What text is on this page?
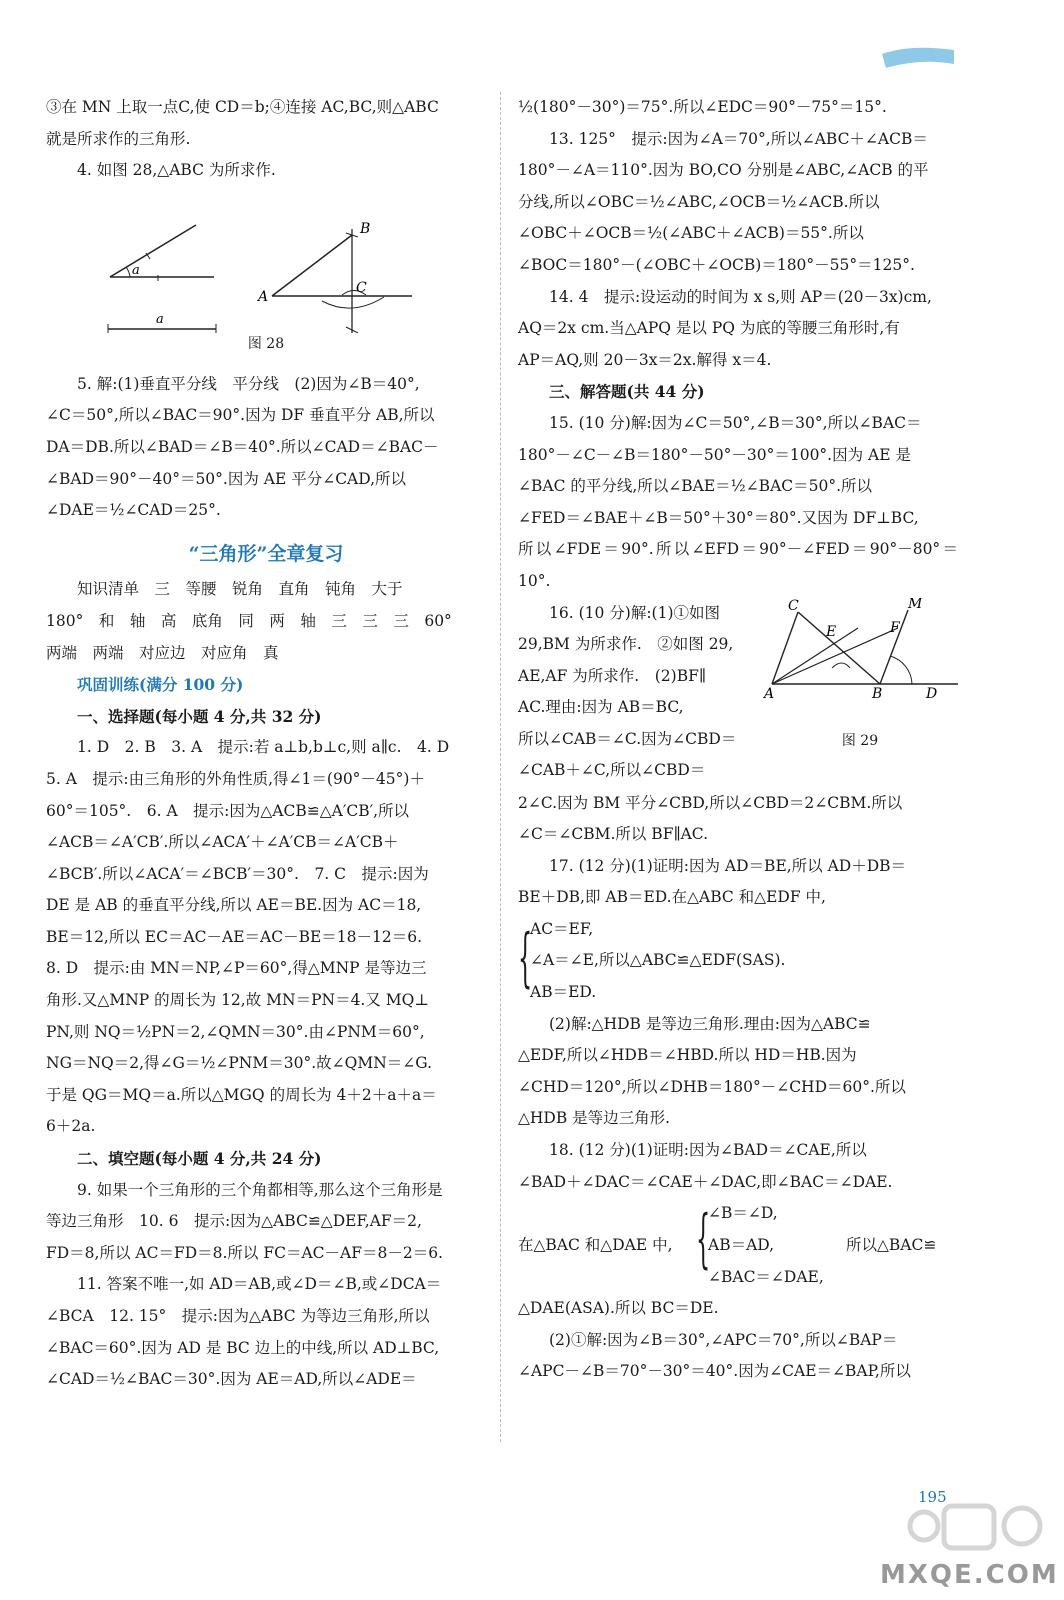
③在 MN 上取一点C,使 CD＝b;④连接 AC,BC,则△ABC

就是所求作的三角形.

4. 如图 28,△ABC 为所求作.

a
a
A
B
C
图 28

5. 解:(1)垂直平分线　平分线　(2)因为∠B＝40°,

∠C＝50°,所以∠BAC＝90°.因为 DF 垂直平分 AB,所以

DA＝DB.所以∠BAD＝∠B＝40°.所以∠CAD＝∠BAC－

∠BAD＝90°－40°＝50°.因为 AE 平分∠CAD,所以

∠DAE＝½∠CAD＝25°.

“三角形”全章复习

知识清单　三　等腰　锐角　直角　钝角　大于

180°　和　轴　高　底角　同　两　轴　三　三　三　60°

两端　两端　对应边　对应角　真

巩固训练(满分 100 分)

一、选择题(每小题 4 分,共 32 分)

1. D　2. B　3. A　提示:若 a⊥b,b⊥c,则 a∥c.　4. D

5. A　提示:由三角形的外角性质,得∠1＝(90°－45°)＋

60°＝105°.　6. A　提示:因为△ACB≌△A′CB′,所以

∠ACB＝∠A′CB′.所以∠ACA′＋∠A′CB＝∠A′CB＋

∠BCB′.所以∠ACA′＝∠BCB′＝30°.　7. C　提示:因为

DE 是 AB 的垂直平分线,所以 AE＝BE.因为 AC＝18,

BE＝12,所以 EC＝AC－AE＝AC－BE＝18－12＝6.

8. D　提示:由 MN＝NP,∠P＝60°,得△MNP 是等边三

角形.又△MNP 的周长为 12,故 MN＝PN＝4.又 MQ⊥

PN,则 NQ＝½PN＝2,∠QMN＝30°.由∠PNM＝60°,

NG＝NQ＝2,得∠G＝½∠PNM＝30°.故∠QMN＝∠G.

于是 QG＝MQ＝a.所以△MGQ 的周长为 4＋2＋a＋a＝

6＋2a.

二、填空题(每小题 4 分,共 24 分)

9. 如果一个三角形的三个角都相等,那么这个三角形是

等边三角形　10. 6　提示:因为△ABC≌△DEF,AF＝2,

FD＝8,所以 AC＝FD＝8.所以 FC＝AC－AF＝8－2＝6.

11. 答案不唯一,如 AD＝AB,或∠D＝∠B,或∠DCA＝

∠BCA　12. 15°　提示:因为△ABC 为等边三角形,所以

∠BAC＝60°.因为 AD 是 BC 边上的中线,所以 AD⊥BC,

∠CAD＝½∠BAC＝30°.因为 AE＝AD,所以∠ADE＝

½(180°－30°)＝75°.所以∠EDC＝90°－75°＝15°.

13. 125°　提示:因为∠A＝70°,所以∠ABC＋∠ACB＝

180°－∠A＝110°.因为 BO,CO 分别是∠ABC,∠ACB 的平

分线,所以∠OBC＝½∠ABC,∠OCB＝½∠ACB.所以

∠OBC＋∠OCB＝½(∠ABC＋∠ACB)＝55°.所以

∠BOC＝180°－(∠OBC＋∠OCB)＝180°－55°＝125°.

14. 4　提示:设运动的时间为 x s,则 AP＝(20－3x)cm,

AQ＝2x cm.当△APQ 是以 PQ 为底的等腰三角形时,有

AP＝AQ,则 20－3x＝2x.解得 x＝4.

三、解答题(共 44 分)

15. (10 分)解:因为∠C＝50°,∠B＝30°,所以∠BAC＝

180°－∠C－∠B＝180°－50°－30°＝100°.因为 AE 是

∠BAC 的平分线,所以∠BAE＝½∠BAC＝50°.所以

∠FED＝∠BAE＋∠B＝50°＋30°＝80°.又因为 DF⊥BC,

所以∠FDE＝90°.所以∠EFD＝90°－∠FED＝90°－80°＝10°.

16. (10 分)解:(1)①如图

29,BM 为所求作.　②如图 29,

AE,AF 为所求作.　(2)BF∥

AC.理由:因为 AB＝BC,

所以∠CAB＝∠C.因为∠CBD＝

∠CAB＋∠C,所以∠CBD＝

C	M
E	F
A	B	D
图 29

2∠C.因为 BM 平分∠CBD,所以∠CBD＝2∠CBM.所以

∠C＝∠CBM.所以 BF∥AC.

17. (12 分)(1)证明:因为 AD＝BE,所以 AD＋DB＝

BE＋DB,即 AB＝ED.在△ABC 和△EDF 中,

{

AC＝EF,

∠A＝∠E,所以△ABC≌△EDF(SAS).

AB＝ED.

(2)解:△HDB 是等边三角形.理由:因为△ABC≌

△EDF,所以∠HDB＝∠HBD.所以 HD＝HB.因为

∠CHD＝120°,所以∠DHB＝180°－∠CHD＝60°.所以

△HDB 是等边三角形.

18. (12 分)(1)证明:因为∠BAD＝∠CAE,所以

∠BAD＋∠DAC＝∠CAE＋∠DAC,即∠BAC＝∠DAE.

在△BAC 和△DAE 中, {
∠B＝∠D,
AB＝AD,
∠BAC＝∠DAE,
所以△BAC≌

△DAE(ASA).所以 BC＝DE.

(2)①解:因为∠B＝30°,∠APC＝70°,所以∠BAP＝

∠APC－∠B＝70°－30°＝40°.因为∠CAE＝∠BAP,所以

195
MXQE.COM
